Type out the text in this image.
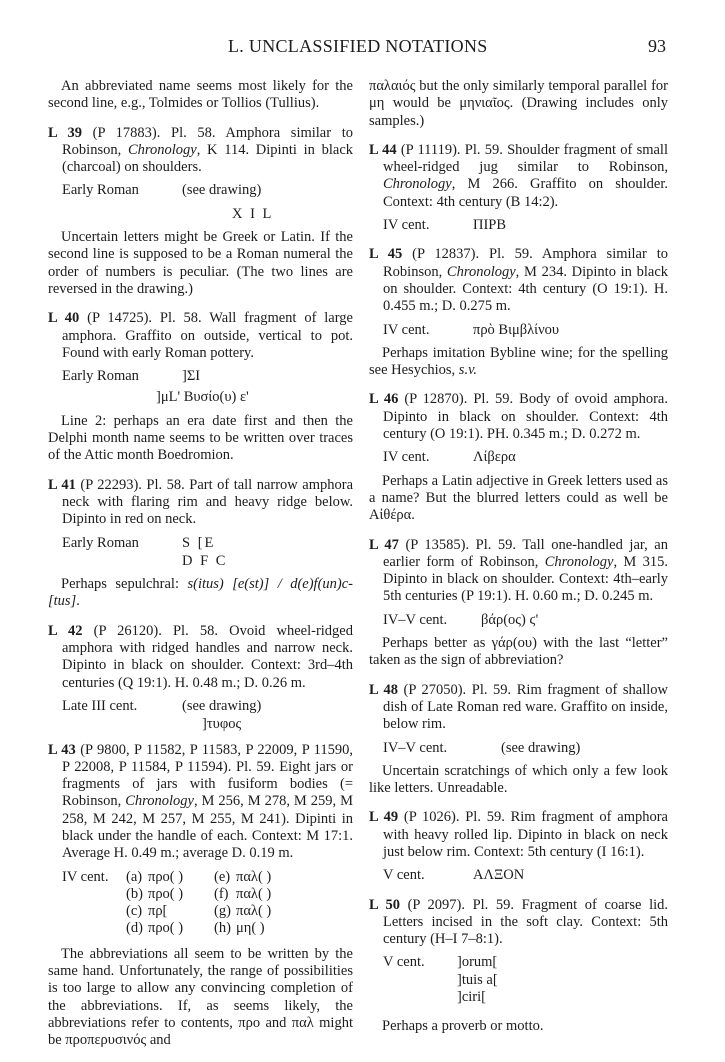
L. UNCLASSIFIED NOTATIONS	93

An abbreviated name seems most likely for the second line, e.g., Tolmides or Tollios (Tullius).

L 39 (P 17883). Pl. 58. Amphora similar to Robinson, Chronology, K 114. Dipinti in black (charcoal) on shoulders.

Early Roman	(see drawing)
X I L

Uncertain letters might be Greek or Latin. If the second line is supposed to be a Roman numeral the order of numbers is peculiar. (The two lines are reversed in the drawing.)

L 40 (P 14725). Pl. 58. Wall fragment of large amphora. Graffito on outside, vertical to pot. Found with early Roman pottery.

Early Roman	]ΣΙ
]μL' Βυσίο(υ) ε'

Line 2: perhaps an era date first and then the Delphi month name seems to be written over traces of the Attic month Boedromion.

L 41 (P 22293). Pl. 58. Part of tall narrow amphora neck with flaring rim and heavy ridge below. Dipinto in red on neck.

Early Roman	S [E
D F C

Perhaps sepulchral: s(itus) [e(st)] / d(e)f(un)c-[tus].

L 42 (P 26120). Pl. 58. Ovoid wheel-ridged amphora with ridged handles and narrow neck. Dipinto in black on shoulder. Context: 3rd–4th centuries (Q 19:1). H. 0.48 m.; D. 0.26 m.

Late III cent.	(see drawing)
]τυφος

L 43 (P 9800, P 11582, P 11583, P 22009, P 11590, P 22008, P 11584, P 11594). Pl. 59. Eight jars or fragments of jars with fusiform bodies (= Robinson, Chronology, M 256, M 278, M 259, M 258, M 242, M 257, M 255, M 241). Dipinti in black under the handle of each. Context: M 17:1. Average H. 0.49 m.; average D. 0.19 m.

IV cent.	(a) προ( )	(e) παλ( )
(b) προ( )	(f) παλ( )
(c) πρ[	(g) παλ( )
(d) προ( )	(h) μη( )

The abbreviations all seem to be written by the same hand. Unfortunately, the range of possibilities is too large to allow any convincing completion of the abbreviations. If, as seems likely, the abbreviations refer to contents, προ and παλ might be προπερυσινός and

παλαιός but the only similarly temporal parallel for μη would be μηνιαῖος. (Drawing includes only samples.)

L 44 (P 11119). Pl. 59. Shoulder fragment of small wheel-ridged jug similar to Robinson, Chronology, M 266. Graffito on shoulder. Context: 4th century (B 14:2).

IV cent.	ΠΙΡΒ

L 45 (P 12837). Pl. 59. Amphora similar to Robinson, Chronology, M 234. Dipinto in black on shoulder. Context: 4th century (O 19:1). H. 0.455 m.; D. 0.275 m.

IV cent.	πρὸ Βιμβλίνου

Perhaps imitation Bybline wine; for the spelling see Hesychios, s.v.

L 46 (P 12870). Pl. 59. Body of ovoid amphora. Dipinto in black on shoulder. Context: 4th century (O 19:1). PH. 0.345 m.; D. 0.272 m.

IV cent.	Λίβερα

Perhaps a Latin adjective in Greek letters used as a name? But the blurred letters could as well be Αἰθέρα.

L 47 (P 13585). Pl. 59. Tall one-handled jar, an earlier form of Robinson, Chronology, M 315. Dipinto in black on shoulder. Context: 4th–early 5th centuries (P 19:1). H. 0.60 m.; D. 0.245 m.

IV–V cent.	βάρ(ος) ϛ'

Perhaps better as γάρ(ου) with the last “letter” taken as the sign of abbreviation?

L 48 (P 27050). Pl. 59. Rim fragment of shallow dish of Late Roman red ware. Graffito on inside, below rim.

IV–V cent.	(see drawing)

Uncertain scratchings of which only a few look like letters. Unreadable.

L 49 (P 1026). Pl. 59. Rim fragment of amphora with heavy rolled lip. Dipinto in black on neck just below rim. Context: 5th century (I 16:1).

V cent.	ΑΛΞΟΝ

L 50 (P 2097). Pl. 59. Fragment of coarse lid. Letters incised in the soft clay. Context: 5th century (H–I 7–8:1).

V cent.	]orum[
]tuis a[
]ciri[

Perhaps a proverb or motto.
